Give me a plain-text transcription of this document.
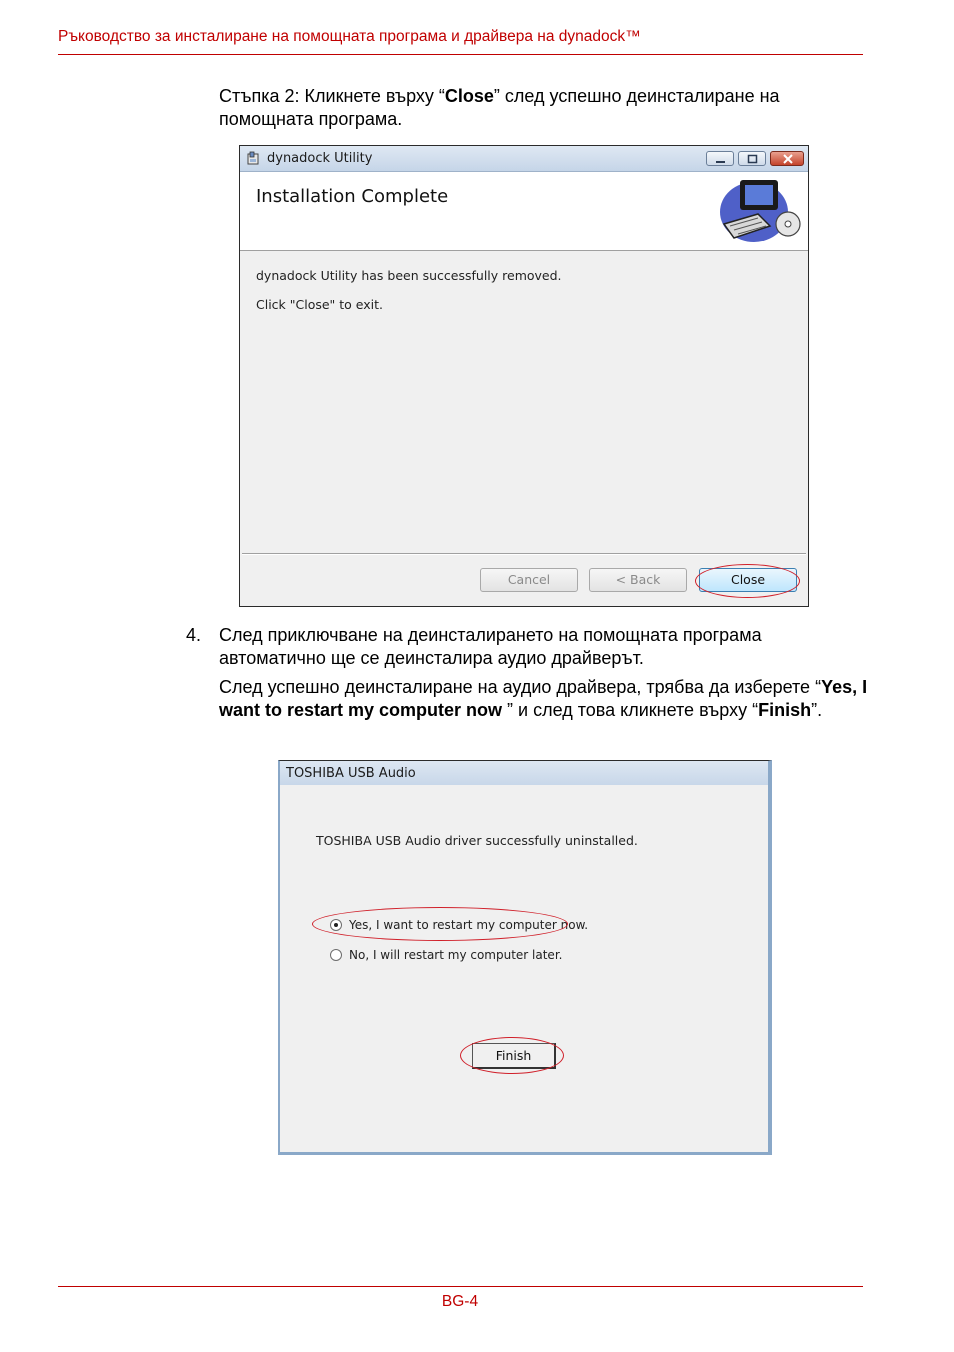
Ръководство за инсталиране на помощната програма и драйвера на dynadock™
Стъпка 2: Кликнете върху “Close” след успешно деинсталиране на помощната програма.
dynadock Utility
Installation Complete
dynadock Utility has been successfully removed.
Click "Close" to exit.
Cancel	< Back	Close
4. След приключване на деинсталирането на помощната програма автоматично ще се деинсталира аудио драйверът.
След успешно деинсталиране на аудио драйвера, трябва да изберете “Yes, I want to restart my computer now ” и след това кликнете върху “Finish”.
TOSHIBA USB Audio
TOSHIBA USB Audio driver successfully uninstalled.
Yes, I want to restart my computer now.
No, I will restart my computer later.
Finish
BG-4
